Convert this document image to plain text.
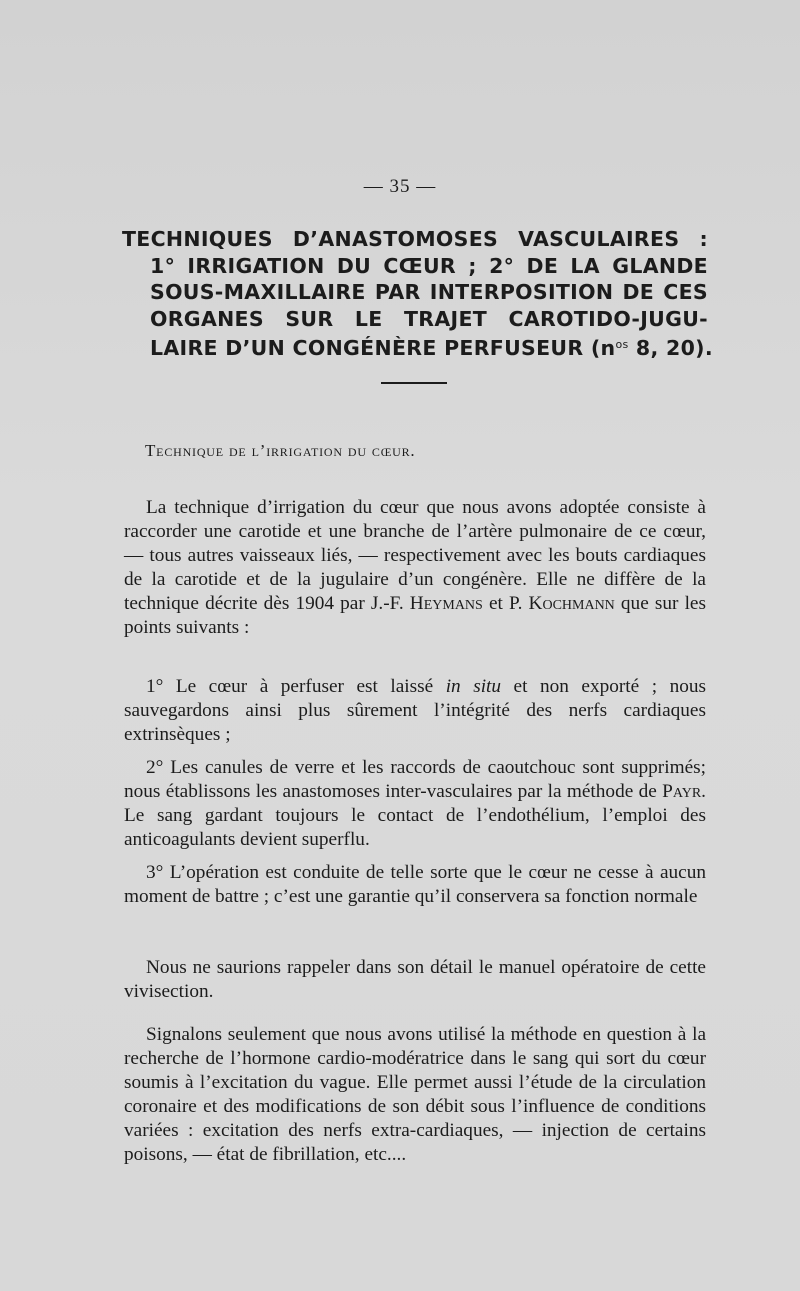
— 35 —
TECHNIQUES D’ANASTOMOSES VASCULAIRES :
1° IRRIGATION DU CŒUR ; 2° DE LA GLANDE
SOUS-MAXILLAIRE PAR INTERPOSITION DE CES
ORGANES SUR LE TRAJET CAROTIDO-JUGU-
LAIRE D’UN CONGÉNÈRE PERFUSEUR ($n^{os}$ 8, 20).
Technique de l’irrigation du cœur.

La technique d’irrigation du cœur que nous avons adoptée consiste à raccorder une carotide et une branche de l’artère pulmonaire de ce cœur, — tous autres vaisseaux liés, — respectivement avec les bouts cardiaques de la carotide et de la jugulaire d’un congénère. Elle ne diffère de la technique décrite dès 1904 par J.-F. Heymans et P. Kochmann que sur les points suivants :

1° Le cœur à perfuser est laissé in situ et non exporté ; nous sauvegardons ainsi plus sûrement l’intégrité des nerfs cardiaques extrinsèques ;

2° Les canules de verre et les raccords de caoutchouc sont supprimés; nous établissons les anastomoses inter-vasculaires par la méthode de Payr. Le sang gardant toujours le contact de l’endothélium, l’emploi des anticoagulants devient superflu.

3° L’opération est conduite de telle sorte que le cœur ne cesse à aucun moment de battre ; c’est une garantie qu’il conservera sa fonction normale

Nous ne saurions rappeler dans son détail le manuel opératoire de cette vivisection.

Signalons seulement que nous avons utilisé la méthode en question à la recherche de l’hormone cardio-modératrice dans le sang qui sort du cœur soumis à l’excitation du vague. Elle permet aussi l’étude de la circulation coronaire et des modifications de son débit sous l’influence de conditions variées : excitation des nerfs extra-cardiaques, — injection de certains poisons, — état de fibrillation, etc....
